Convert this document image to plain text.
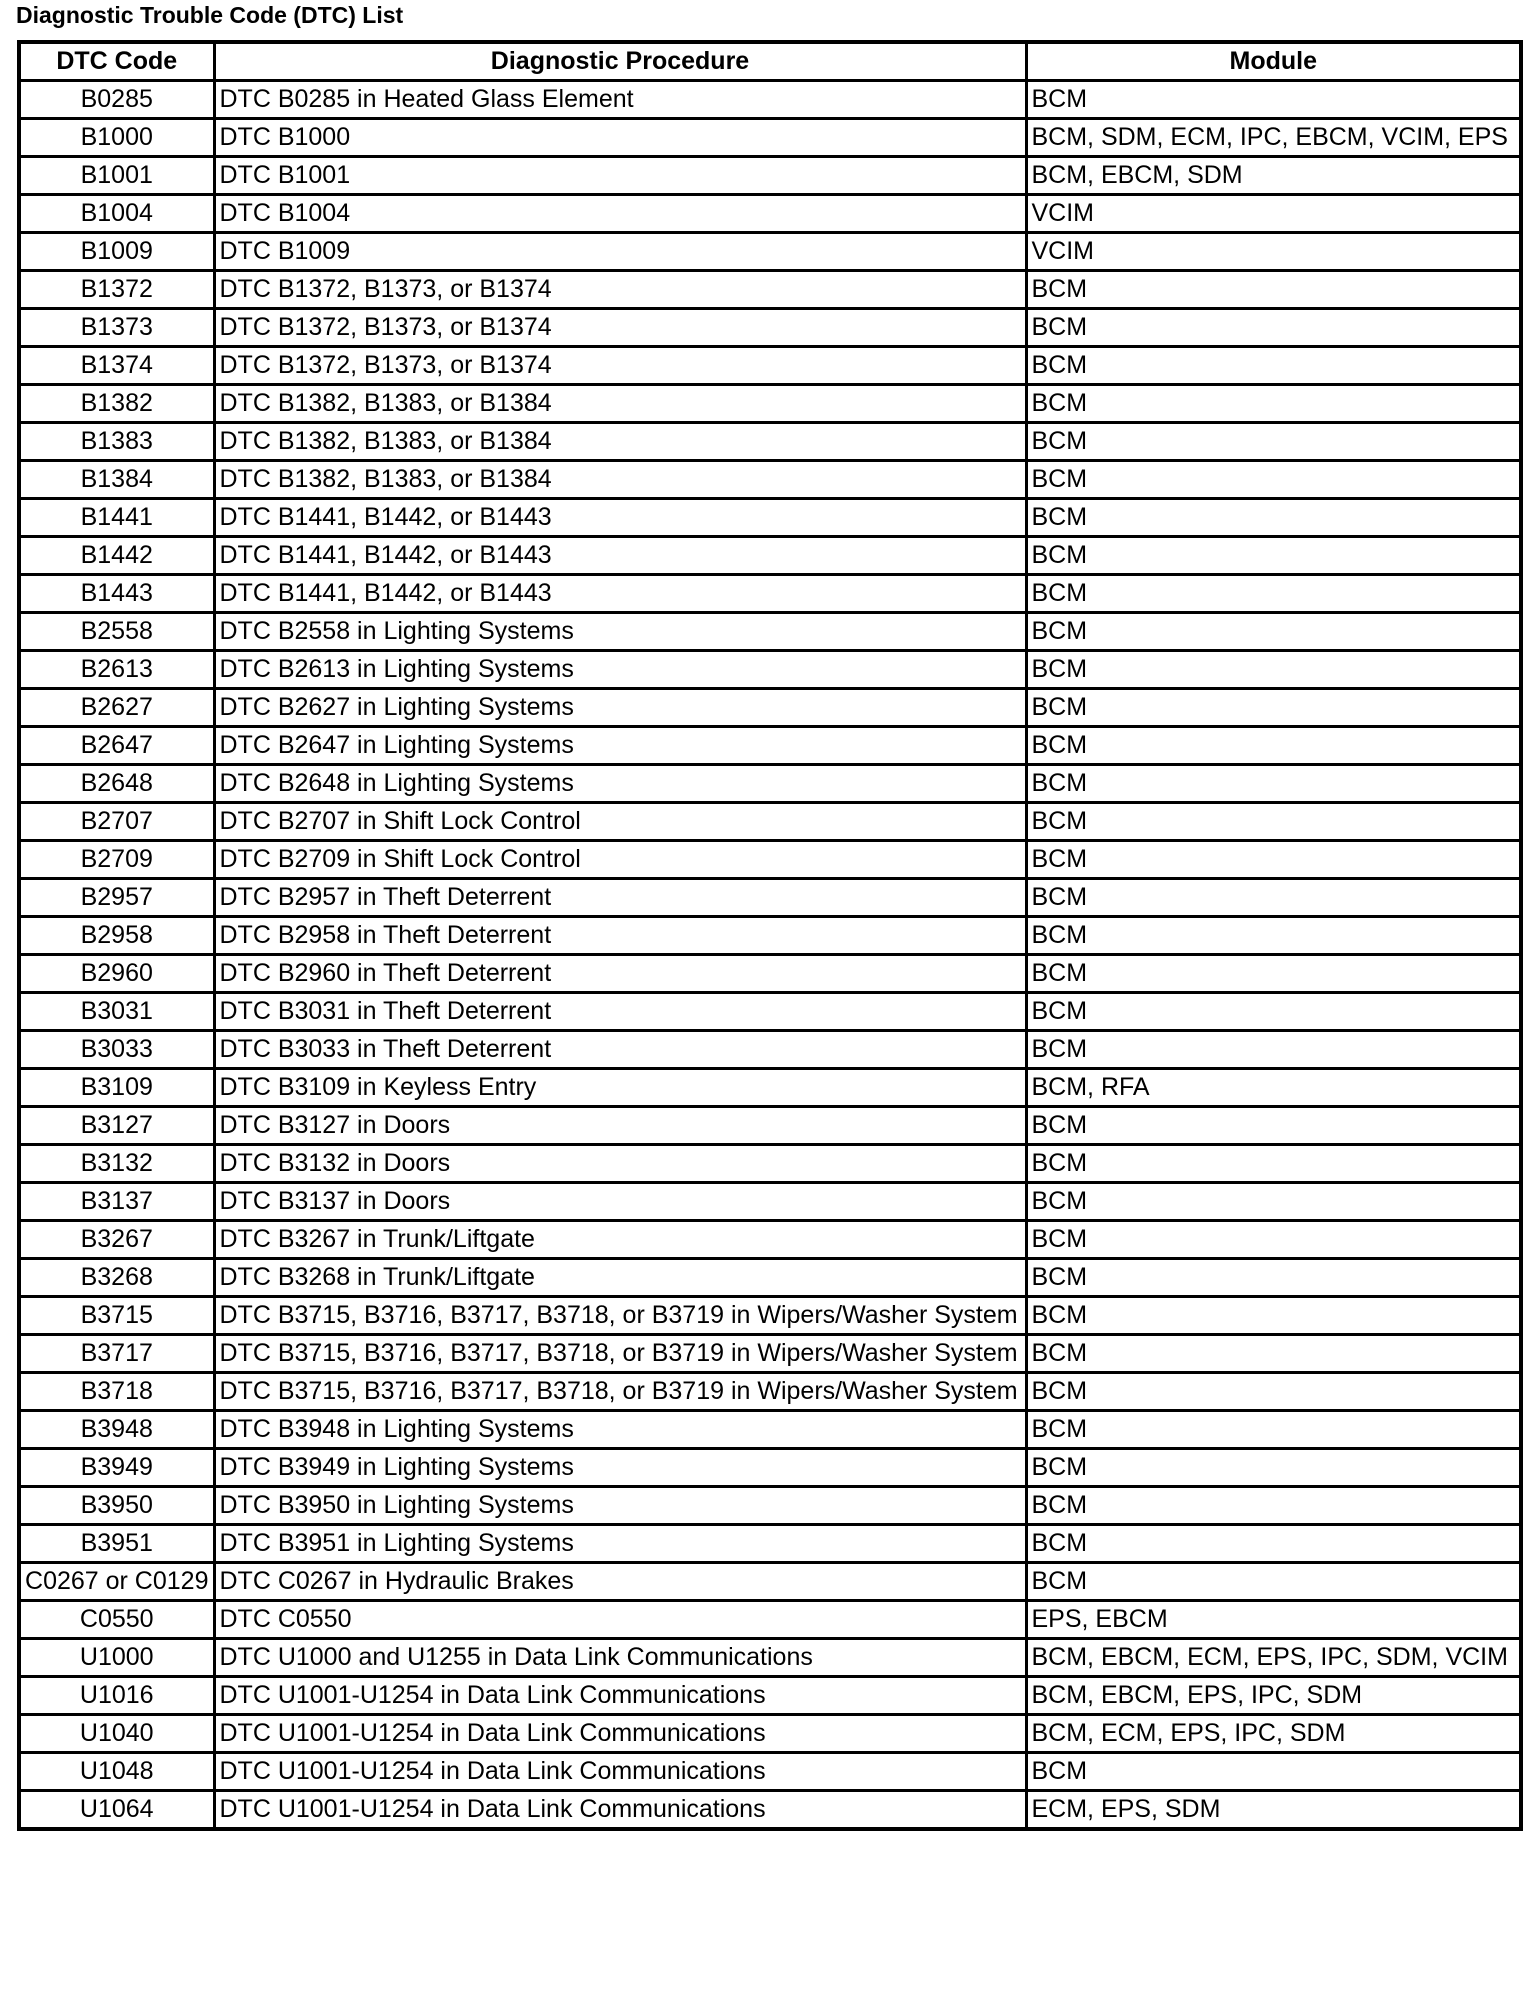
Diagnostic Trouble Code (DTC) List
DTC Code	Diagnostic Procedure	Module
B0285	DTC B0285 in Heated Glass Element	BCM
B1000	DTC B1000	BCM, SDM, ECM, IPC, EBCM, VCIM, EPS
B1001	DTC B1001	BCM, EBCM, SDM
B1004	DTC B1004	VCIM
B1009	DTC B1009	VCIM
B1372	DTC B1372, B1373, or B1374	BCM
B1373	DTC B1372, B1373, or B1374	BCM
B1374	DTC B1372, B1373, or B1374	BCM
B1382	DTC B1382, B1383, or B1384	BCM
B1383	DTC B1382, B1383, or B1384	BCM
B1384	DTC B1382, B1383, or B1384	BCM
B1441	DTC B1441, B1442, or B1443	BCM
B1442	DTC B1441, B1442, or B1443	BCM
B1443	DTC B1441, B1442, or B1443	BCM
B2558	DTC B2558 in Lighting Systems	BCM
B2613	DTC B2613 in Lighting Systems	BCM
B2627	DTC B2627 in Lighting Systems	BCM
B2647	DTC B2647 in Lighting Systems	BCM
B2648	DTC B2648 in Lighting Systems	BCM
B2707	DTC B2707 in Shift Lock Control	BCM
B2709	DTC B2709 in Shift Lock Control	BCM
B2957	DTC B2957 in Theft Deterrent	BCM
B2958	DTC B2958 in Theft Deterrent	BCM
B2960	DTC B2960 in Theft Deterrent	BCM
B3031	DTC B3031 in Theft Deterrent	BCM
B3033	DTC B3033 in Theft Deterrent	BCM
B3109	DTC B3109 in Keyless Entry	BCM, RFA
B3127	DTC B3127 in Doors	BCM
B3132	DTC B3132 in Doors	BCM
B3137	DTC B3137 in Doors	BCM
B3267	DTC B3267 in Trunk/Liftgate	BCM
B3268	DTC B3268 in Trunk/Liftgate	BCM
B3715	DTC B3715, B3716, B3717, B3718, or B3719 in Wipers/Washer System	BCM
B3717	DTC B3715, B3716, B3717, B3718, or B3719 in Wipers/Washer System	BCM
B3718	DTC B3715, B3716, B3717, B3718, or B3719 in Wipers/Washer System	BCM
B3948	DTC B3948 in Lighting Systems	BCM
B3949	DTC B3949 in Lighting Systems	BCM
B3950	DTC B3950 in Lighting Systems	BCM
B3951	DTC B3951 in Lighting Systems	BCM
C0267 or C0129	DTC C0267 in Hydraulic Brakes	BCM
C0550	DTC C0550	EPS, EBCM
U1000	DTC U1000 and U1255 in Data Link Communications	BCM, EBCM, ECM, EPS, IPC, SDM, VCIM
U1016	DTC U1001-U1254 in Data Link Communications	BCM, EBCM, EPS, IPC, SDM
U1040	DTC U1001-U1254 in Data Link Communications	BCM, ECM, EPS, IPC, SDM
U1048	DTC U1001-U1254 in Data Link Communications	BCM
U1064	DTC U1001-U1254 in Data Link Communications	ECM, EPS, SDM
